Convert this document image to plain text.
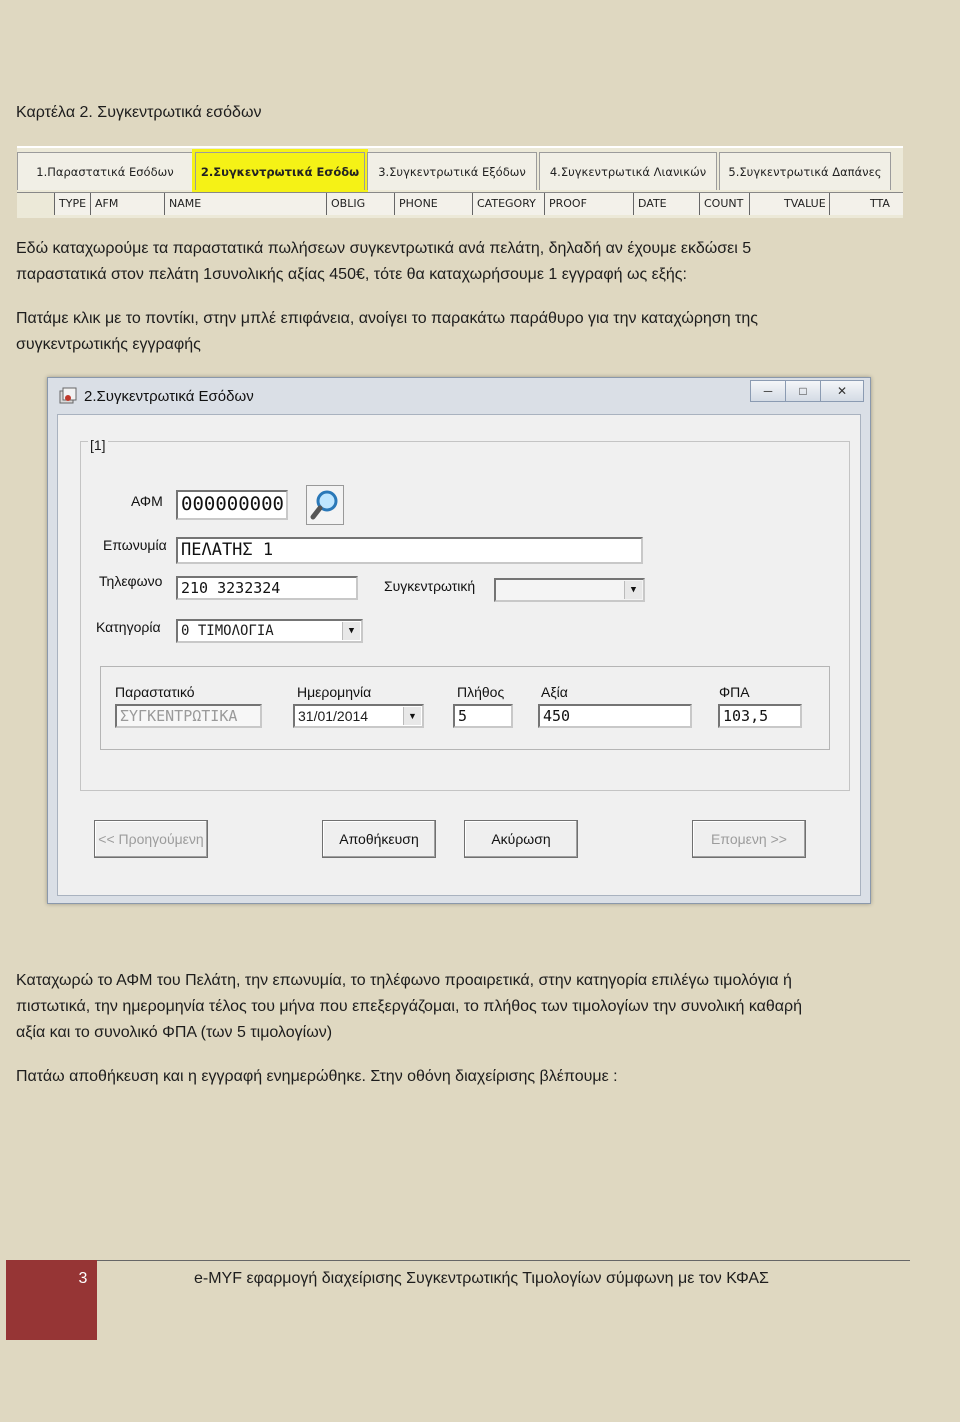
Καρτέλα 2. Συγκεντρωτικά εσόδων
1.Παραστατικά Εσόδων	2.Συγκεντρωτικά Εσόδω	3.Συγκεντρωτικά Εξόδων	4.Συγκεντρωτικά Λιανικών	5.Συγκεντρωτικά Δαπάνες
TYPE AFM	NAME	OBLIG	PHONE	CATEGORY	PROOF	DATE	COUNT	TVALUE	TTA
Εδώ καταχωρούμε τα παραστατικά πωλήσεων συγκεντρωτικά ανά πελάτη, δηλαδή αν έχουμε εκδώσει 5
παραστατικά στον πελάτη 1συνολικής αξίας 450€, τότε θα καταχωρήσουμε 1 εγγραφή ως εξής:
Πατάμε κλικ με το ποντίκι, στην μπλέ επιφάνεια, ανοίγει το παρακάτω παράθυρο για την καταχώρηση της
συγκεντρωτικής εγγραφής
2.Συγκεντρωτικά Εσόδων	─	□	✕
[1]
ΑΦΜ 000000000
Επωνυμία ΠΕΛΑΤΗΣ 1
Τηλεφωνο	210 3232324	Συγκεντρωτική	▼
Κατηγορία	0 ΤΙΜΟΛΟΓΙΑ	▼
Παραστατικό
ΣΥΓΚΕΝΤΡΩΤΙΚΑ
Ημερομηνία
31/01/2014	▼
Πλήθος
5
Αξία
450
ΦΠΑ
103,5
<< Προηγούμενη	Αποθήκευση	Ακύρωση	Επομενη >>
Καταχωρώ το ΑΦΜ του Πελάτη, την επωνυμία, το τηλέφωνο προαιρετικά, στην κατηγορία επιλέγω τιμολόγια ή
πιστωτικά, την ημερομηνία τέλος του μήνα που επεξεργάζομαι, το πλήθος των τιμολογίων την συνολική καθαρή
αξία και το συνολικό ΦΠΑ (των 5 τιμολογίων)
Πατάω αποθήκευση και η εγγραφή ενημερώθηκε. Στην οθόνη διαχείρισης βλέπουμε :
3	e-MYF εφαρμογή διαχείρισης Συγκεντρωτικής Τιμολογίων σύμφωνη με τον ΚΦΑΣ
